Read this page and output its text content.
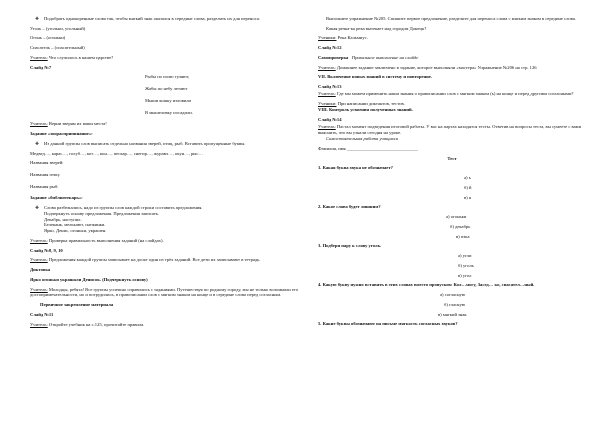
❖ Подобрать однокоренные слова так, чтобы мягкий знак оказался в середине слова, разделить их для переноса.
Уголь – (угольки, угольный)
Огонь – (огоньки)
Спасатель – (спасательный)
Учитель: Что случилось в нашем царстве?
Слайд №7
Рыбы по полю гуляют,
Жабы по небу летают
Мыши кошку изловили
В мышеловку посадили.
Учитель: Верни зверям их ваши места!
Задание «зоорасприпинание»:
❖ Из данной группы слов выписать отдельно названия зверей, птиц, рыб. Вставить пропущенные буквы.
Медвед…, карас…, голуб…, кот…, кон…, пескар…, снегир…, журавл…, окун…, рыс…
Названия зверей:
Названия птиц:
Названия рыб:
Задание «библиотекарь»:
❖ Слова разбежались, надо из группы слов каждой строки составить предложения.
Подчеркнуть основу предложения. Предложения записать.
Декабрь, наступил.
Белеканк, мелькают, снежинки.
Ярко, Денис, огоньки, украшен.
Учитель: Проверка правильность выполнения заданий (на слайдах).
Слайд №8, 9, 10
Учитель: Предложения каждой группы записывает на доске один из трёх заданий. Все дети их записывают в тетрадь.
Диктовка
Ярко огоньки украшали Денисок. (Подчеркнуть основу)
Учитель: Молодцы, ребята! Все группы успешно справились с заданиями. Путешествуя по родному городу, мы не только вспомнили его достопримечательности, но и потрудились, в правописании слов с мягким знаком на конце и в середине слова перед согласным.
Первичное закрепление материала
Слайд №11
Учитель: Откройте учебник на с.125, прочитайте правила.
Выполните упражнение №205. Спишите первое предложение, разделите для переноса слова с мягким знаком в середине слова.
Какая речка-ка река вытекает над городом Донецк?
Ученики: Река Кальмиус.
Слайд №12
Самопроверка Правильное выполнение на слайде
Учитель: Домашнее задание заключено в задание, которое выполняли «мастера» Упражнение №206 на стр. 126
VII. Включение новых знаний в систему и повторение.
Слайд №13
Учитель: Где мы можем применить наши знания о правописании слов с мягким знаком (ь) на конце и перед другими согласными?
Ученики: При написании диктантов, тестов.
VIII. Контроль усвоения полученных знаний.
Слайд №14
Учитель: Пастал момент подведения итоговой работы. У вас на партах находятся тесты. Ответив на вопросы теста, вы сумеете с вами выяснить, что вы узнали сегодня на уроке.
Самостоятельная работа учащихся
Фамилия, имя _______________________________
Тест
1. Какая буква звука не обозначает?
а) ь
б) й
в) я
2. Какое слово будет лишним?
а) огоньки
б) декабрь
в) пэка
3. Подбери пару к слову уголь.
а) угли
б) уголь
в) угол
4. Какую букву нужно вставить в этих словах вместо пропусков: Кол…могу, Засед… ко, спасател…ный.
а) согласную
б) гласную
в) мягкий знак
5. Какие буквы обозначают на письме мягкость согласных звуков?
